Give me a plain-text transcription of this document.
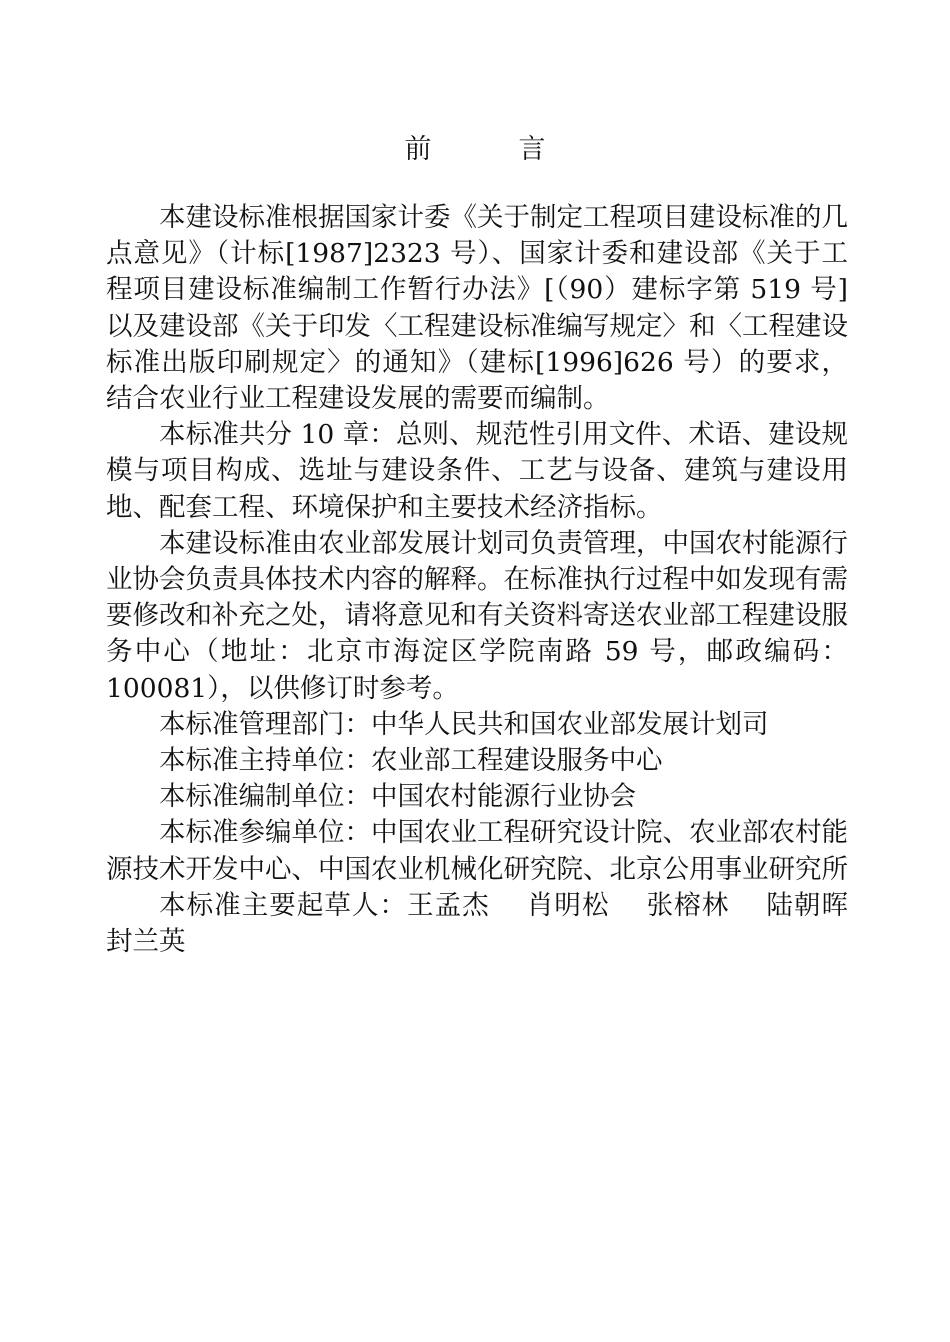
前　言

本建设标准根据国家计委《关于制定工程项目建设标准的几点意见》（计标[1987]2323 号）、国家计委和建设部《关于工程项目建设标准编制工作暂行办法》[（90）建标字第 519 号]以及建设部《关于印发〈工程建设标准编写规定〉和〈工程建设标准出版印刷规定〉的通知》（建标[1996]626 号）的要求，结合农业行业工程建设发展的需要而编制。

本标准共分 10 章：总则、规范性引用文件、术语、建设规模与项目构成、选址与建设条件、工艺与设备、建筑与建设用地、配套工程、环境保护和主要技术经济指标。

本建设标准由农业部发展计划司负责管理，中国农村能源行业协会负责具体技术内容的解释。在标准执行过程中如发现有需要修改和补充之处，请将意见和有关资料寄送农业部工程建设服务中心（地址：北京市海淀区学院南路 59 号，邮政编码：100081），以供修订时参考。

本标准管理部门：中华人民共和国农业部发展计划司

本标准主持单位：农业部工程建设服务中心

本标准编制单位：中国农村能源行业协会

本标准参编单位：中国农业工程研究设计院、农业部农村能源技术开发中心、中国农业机械化研究院、北京公用事业研究所

本标准主要起草人：王孟杰　 肖明松　 张榕林　 陆朝晖　 封兰英
